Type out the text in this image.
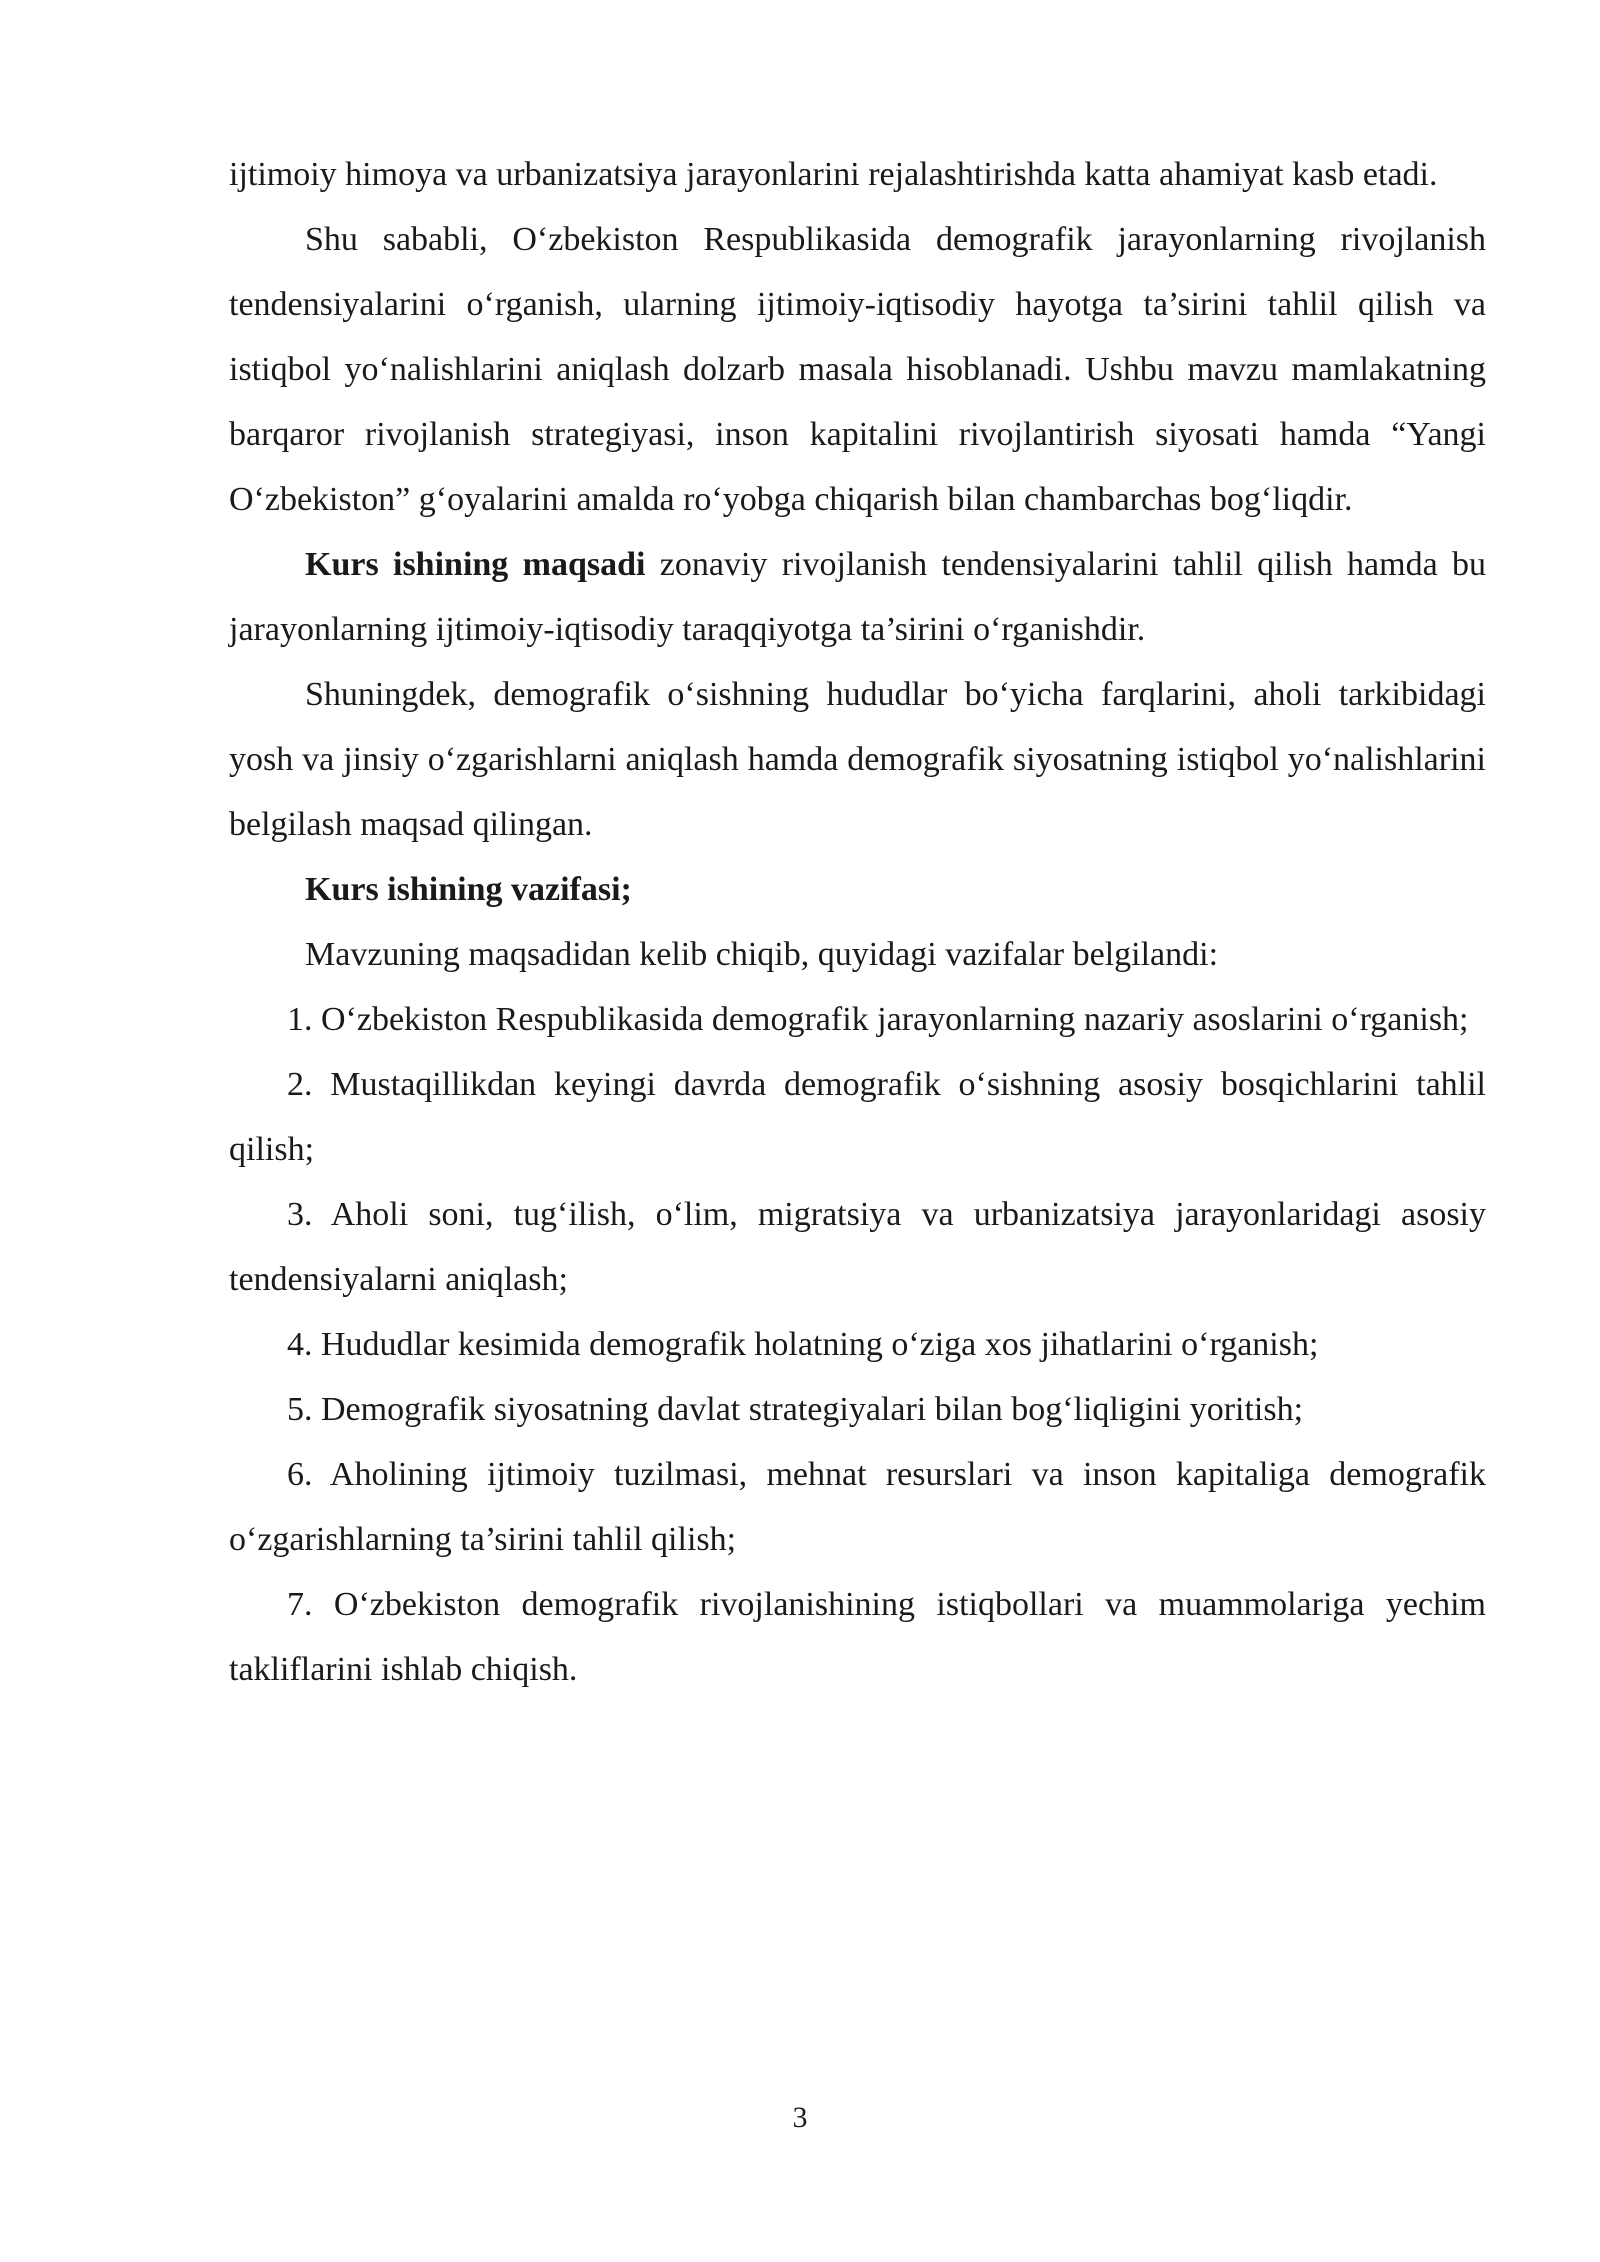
ijtimoiy himoya va urbanizatsiya jarayonlarini rejalashtirishda katta ahamiyat kasb etadi.

Shu sababli, O‘zbekiston Respublikasida demografik jarayonlarning rivojlanish tendensiyalarini o‘rganish, ularning ijtimoiy-iqtisodiy hayotga ta’sirini tahlil qilish va istiqbol yo‘nalishlarini aniqlash dolzarb masala hisoblanadi. Ushbu mavzu mamlakatning barqaror rivojlanish strategiyasi, inson kapitalini rivojlantirish siyosati hamda “Yangi O‘zbekiston” g‘oyalarini amalda ro‘yobga chiqarish bilan chambarchas bog‘liqdir.

Kurs ishining maqsadi zonaviy rivojlanish tendensiyalarini tahlil qilish hamda bu jarayonlarning ijtimoiy-iqtisodiy taraqqiyotga ta’sirini o‘rganishdir.

Shuningdek, demografik o‘sishning hududlar bo‘yicha farqlarini, aholi tarkibidagi yosh va jinsiy o‘zgarishlarni aniqlash hamda demografik siyosatning istiqbol yo‘nalishlarini belgilash maqsad qilingan.

Kurs ishining vazifasi;

Mavzuning maqsadidan kelib chiqib, quyidagi vazifalar belgilandi:

1. O‘zbekiston Respublikasida demografik jarayonlarning nazariy asoslarini o‘rganish;

2. Mustaqillikdan keyingi davrda demografik o‘sishning asosiy bosqichlarini tahlil qilish;

3. Aholi soni, tug‘ilish, o‘lim, migratsiya va urbanizatsiya jarayonlaridagi asosiy tendensiyalarni aniqlash;

4. Hududlar kesimida demografik holatning o‘ziga xos jihatlarini o‘rganish;

5. Demografik siyosatning davlat strategiyalari bilan bog‘liqligini yoritish;

6. Aholining ijtimoiy tuzilmasi, mehnat resurslari va inson kapitaliga demografik o‘zgarishlarning ta’sirini tahlil qilish;

7. O‘zbekiston demografik rivojlanishining istiqbollari va muammolariga yechim takliflarini ishlab chiqish.

3
